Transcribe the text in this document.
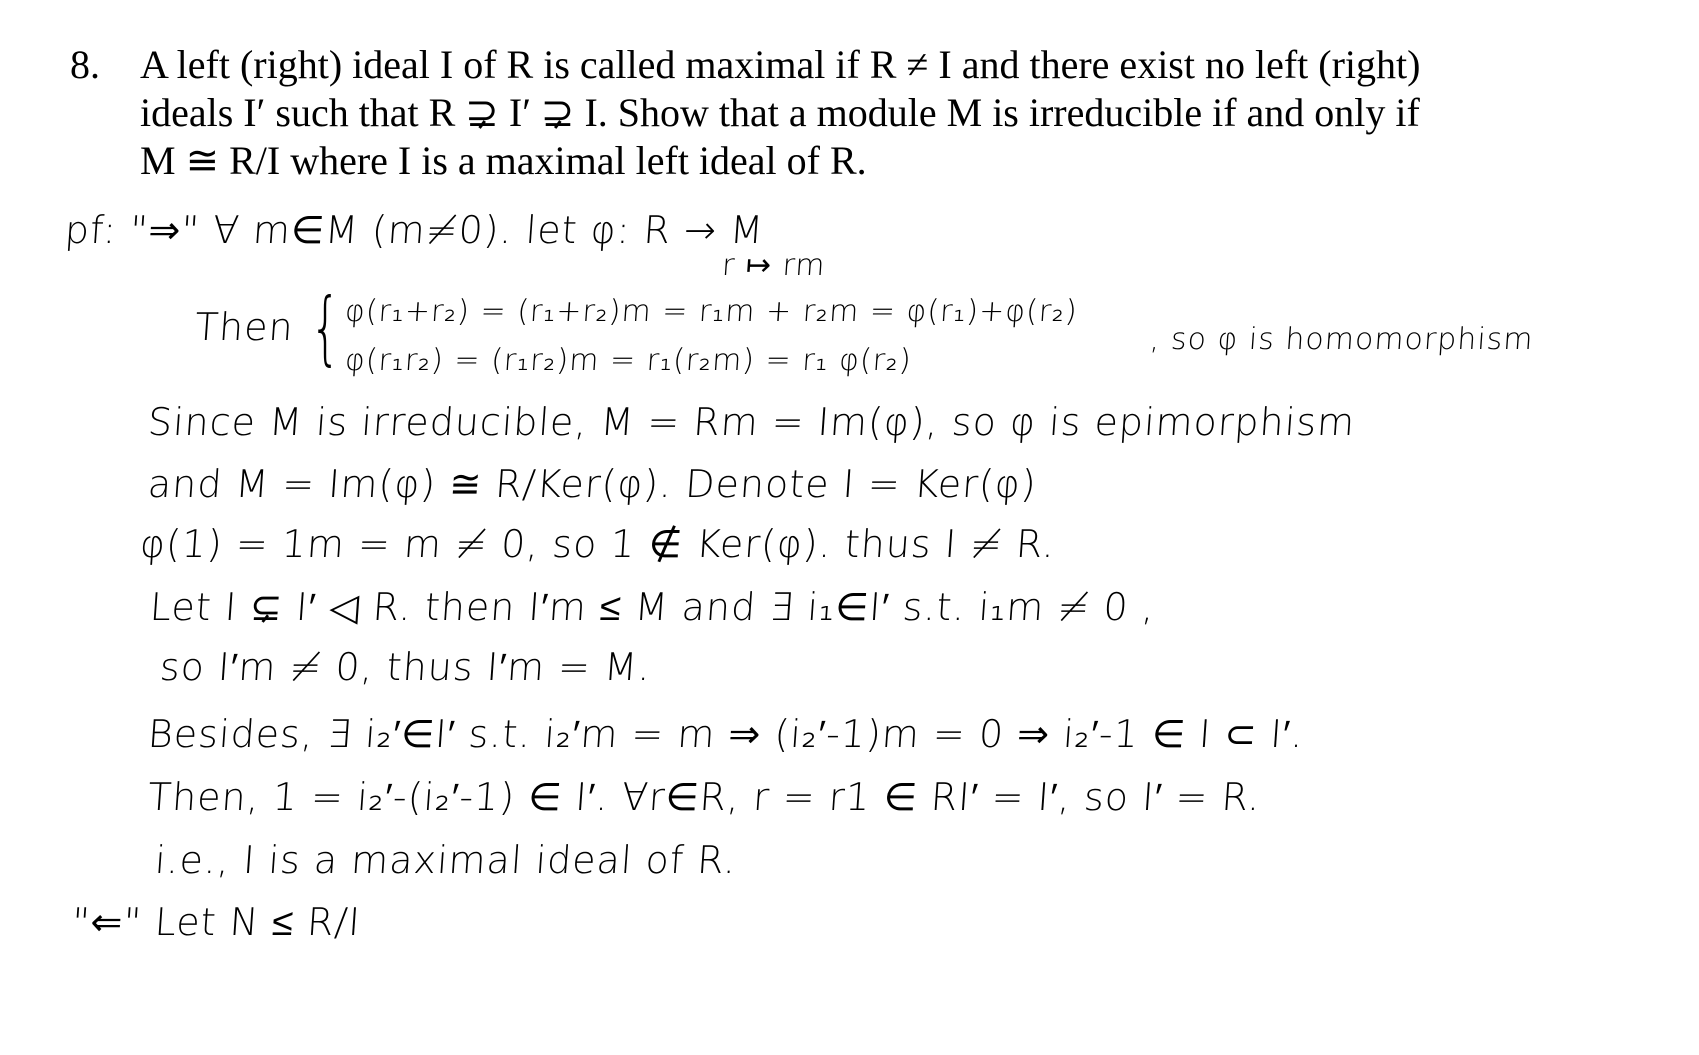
8. A left (right) ideal I of R is called maximal if R ≠ I and there exist no left (right)
ideals I′ such that R ⊋ I′ ⊋ I. Show that a module M is irreducible if and only if
M ≅ R/I where I is a maximal left ideal of R.
pf: "⇒" ∀ m∈M (m≠0). let φ: R → M
r ↦ rm
Then { φ(r₁+r₂) = (r₁+r₂)m = r₁m + r₂m = φ(r₁)+φ(r₂)
φ(r₁r₂) = (r₁r₂)m = r₁(r₂m) = r₁ φ(r₂)
, so φ is homomorphism
Since M is irreducible, M = Rm = Im(φ), so φ is epimorphism
and M = Im(φ) ≅ R/Ker(φ). Denote I = Ker(φ)
φ(1) = 1m = m ≠ 0, so 1 ∉ Ker(φ). thus I ≠ R.
Let I ⊊ I′ ◁ R. then I′m ≤ M and ∃ i₁∈I′ s.t. i₁m ≠ 0 ,
so I′m ≠ 0, thus I′m = M.
Besides, ∃ i₂′∈I′ s.t. i₂′m = m ⇒ (i₂′-1)m = 0 ⇒ i₂′-1 ∈ I ⊂ I′.
Then, 1 = i₂′-(i₂′-1) ∈ I′. ∀r∈R, r = r1 ∈ RI′ = I′, so I′ = R.
i.e., I is a maximal ideal of R.
"⇐" Let N ≤ R/I
